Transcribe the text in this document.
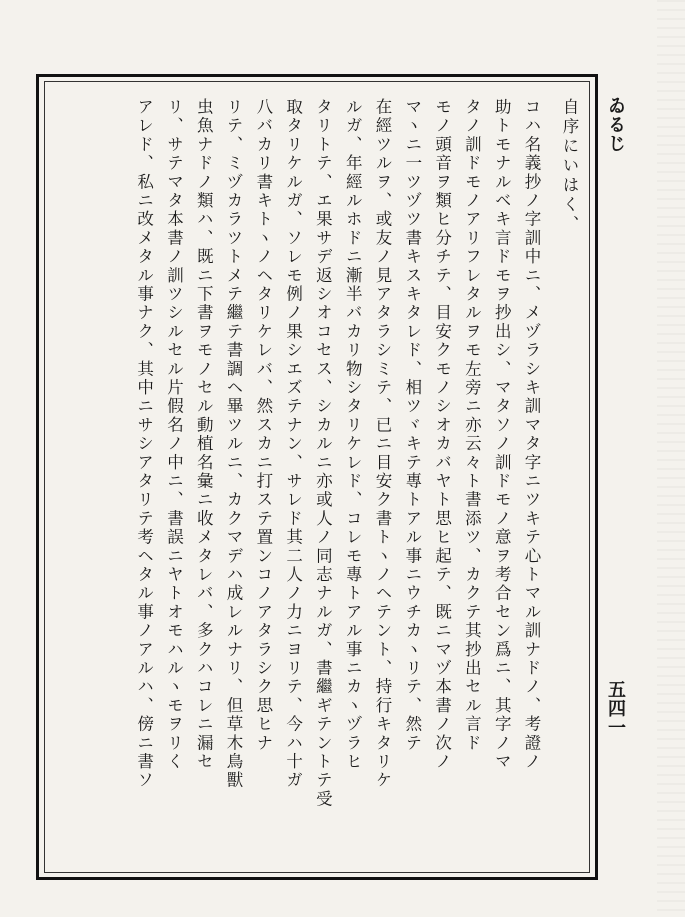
ゐるじ
五四一
自序にいはく、
コハ名義抄ノ字訓中ニ、メヅラシキ訓マタ字ニツキテ心トマル訓ナドノ、考證ノ
助トモナルベキ言ドモヲ抄出シ、マタソノ訓ドモノ意ヲ考合セン爲ニ、其字ノマ
タノ訓ドモノアリフレタルヲモ左旁ニ亦云々ト書添ツ、カクテ其抄出セル言ド
モノ頭音ヲ類ヒ分チテ、目安クモノシオカバヤト思ヒ起テ、既ニマヅ本書ノ次ノ
マヽニ一ツヅツ書キスキタレド、相ツヾキテ專トアル事ニウチカヽリテ、然テ
在經ツルヲ、或友ノ見アタラシミテ、已ニ目安ク書トヽノヘテント、持行キタリケ
ルガ、年經ルホドニ漸半バカリ物シタリケレド、コレモ專トアル事ニカヽヅラヒ
タリトテ、エ果サデ返シオコセス、シカルニ亦或人ノ同志ナルガ、書繼ギテントテ受
取タリケルガ、ソレモ例ノ果シエズテナン、サレド其二人ノ力ニヨリテ、今ハ十ガ
八バカリ書キトヽノヘタリケレバ、然スカニ打ステ置ンコノアタラシク思ヒナ
リテ、ミヅカラツトメテ繼テ書調ヘ畢ツルニ、カクマデハ成レルナリ、但草木鳥獸
虫魚ナドノ類ハ、既ニ下書ヲモノセル動植名彙ニ收メタレバ、多クハコレニ漏セ
リ、サテマタ本書ノ訓ツシルセル片假名ノ中ニ、書誤ニヤトオモハルヽモヲリく
アレド、私ニ改メタル事ナク、其中ニサシアタリテ考ヘタル事ノアルハ、傍ニ書ソ
